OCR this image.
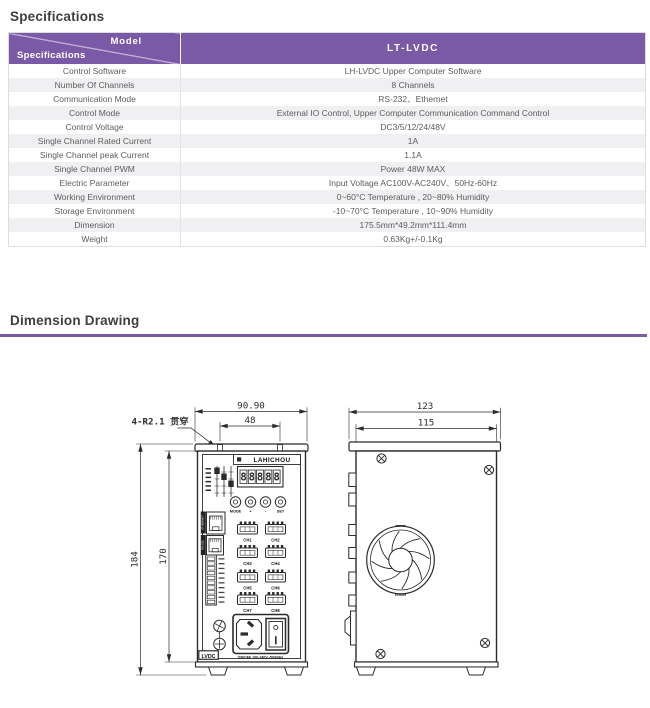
Specifications
Model
Specifications	LT-LVDC
Control Software	LH-LVDC Upper Computer Software
Number Of Channels	8 Channels
Communication Mode	RS-232、Ethernet
Control Mode	External IO Control, Upper Computer Communication Command Control
Control Voltage	DC3/5/12/24/48V
Single Channel Rated Current	1A
Single Channel peak Current	1.1A
Single Channel PWM	Power 48W MAX
Electric Parameter	Input Voltage AC100V-AC240V、50Hz-60Hz
Working Environment	0~60°C Temperature , 20~80% Humidity
Storage Environment	-10~70°C Temperature , 10~90% Humidity
Dimension	175.5mm*49.2mm*111.4mm
Weight	0.63Kg+/-0.1Kg
Dimension Drawing
90.90
48
4-R2.1 贯穿
184 170
LAHICHOU
8 8 8 8 8
MODE +	-	SET
ETHERNET
RS-232
CH1	CH2
CH3	CH4
CH5	CH6
CH7	CH8
LVDC	ON/OFF 100-240V~50/60Hz
123
115
